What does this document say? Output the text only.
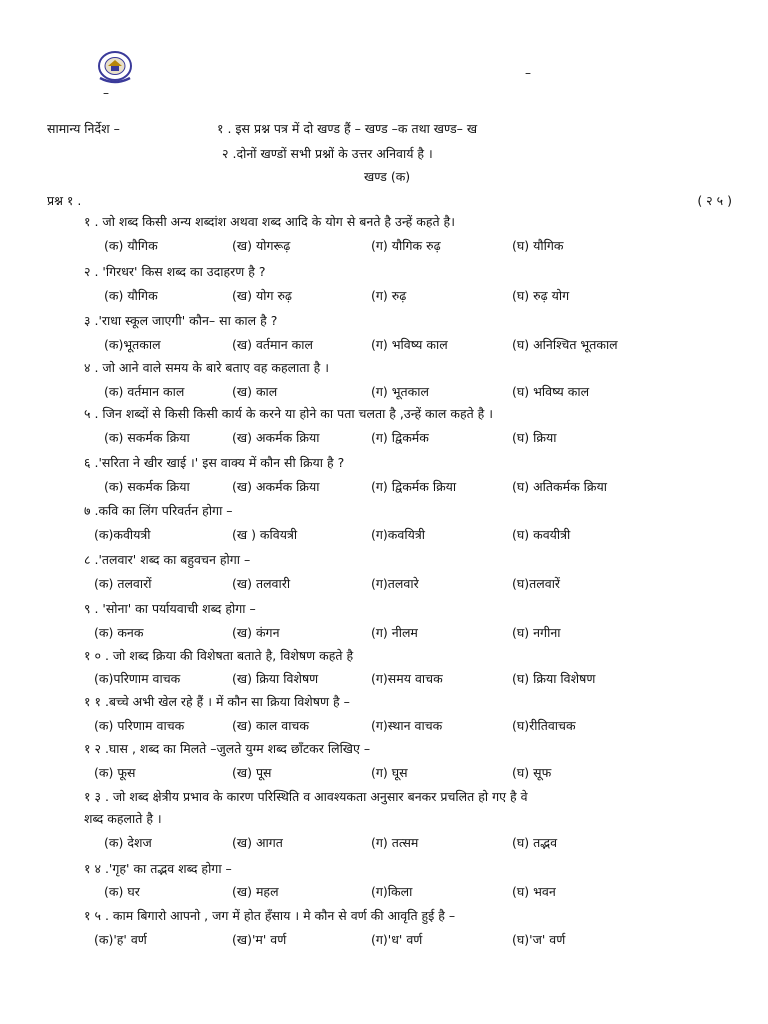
–
–
सामान्य निर्देश –	१ . इस प्रश्न पत्र में दो खण्ड हैं – खण्ड –क तथा खण्ड– ख
२ .दोनों खण्डों सभी प्रश्नों के उत्तर अनिवार्य है ।
खण्ड (क)
प्रश्न १ .	( २ ५ )
१ . जो शब्द किसी अन्य शब्दांश अथवा शब्द आदि के योग से बनते है उन्हें कहते है।
(क) यौगिक	(ख) योगरूढ़	(ग) यौगिक रुढ़	(घ) यौगिक
२ . 'गिरधर' किस शब्द का उदाहरण है ?
(क) यौगिक	(ख) योग रुढ़	(ग) रुढ़	(घ) रुढ़ योग
३ .'राधा स्कूल जाएगी' कौन– सा काल है ?
(क)भूतकाल	(ख) वर्तमान काल	(ग) भविष्य काल	(घ) अनिश्चित भूतकाल
४ . जो आने वाले समय के बारे बताए वह कहलाता है ।
(क) वर्तमान काल	(ख) काल	(ग) भूतकाल	(घ) भविष्य काल
५ . जिन शब्दों से किसी किसी कार्य के करने या होने का पता चलता है ,उन्हें काल कहते है ।
(क) सकर्मक क्रिया	(ख) अकर्मक क्रिया	(ग) द्विकर्मक	(घ) क्रिया
६ .'सरिता ने खीर खाई ।' इस वाक्य में कौन सी क्रिया है ?
(क) सकर्मक क्रिया	(ख) अकर्मक क्रिया	(ग) द्विकर्मक क्रिया	(घ) अतिकर्मक क्रिया
७ .कवि का लिंग परिवर्तन होगा –
(क)कवीयत्री	(ख ) कवियत्री	(ग)कवयित्री	(घ) कवयीत्री
८ .'तलवार' शब्द का बहुवचन होगा –
(क) तलवारों	(ख) तलवारी	(ग)तलवारे	(घ)तलवारें
९ . 'सोना' का पर्यायवाची शब्द होगा –
(क) कनक	(ख) कंगन	(ग) नीलम	(घ) नगीना
१ ० . जो शब्द क्रिया की विशेषता बताते है, विशेषण कहते है
(क)परिणाम वाचक	(ख) क्रिया विशेषण	(ग)समय वाचक	(घ) क्रिया विशेषण
१ १ .बच्चे अभी खेल रहे हैं । में कौन सा क्रिया विशेषण है –
(क) परिणाम वाचक	(ख) काल वाचक	(ग)स्थान वाचक	(घ)रीतिवाचक
१ २ .घास , शब्द का मिलते –जुलते युग्म शब्द छाँटकर लिखिए –
(क) फूस	(ख) पूस	(ग) घूस	(घ) सूफ
१ ३ . जो शब्द क्षेत्रीय प्रभाव के कारण परिस्थिति व आवश्यकता अनुसार बनकर प्रचलित हो गए है वे
शब्द कहलाते है ।
(क) देशज	(ख) आगत	(ग) तत्सम	(घ) तद्भव
१ ४ .'गृह' का तद्भव शब्द होगा –
(क) घर	(ख) महल	(ग)किला	(घ) भवन
१ ५ . काम बिगारो आपनो , जग में होत हँसाय । मे कौन से वर्ण की आवृति हुई है –
(क)'ह' वर्ण	(ख)'म' वर्ण	(ग)'ध' वर्ण	(घ)'ज' वर्ण
